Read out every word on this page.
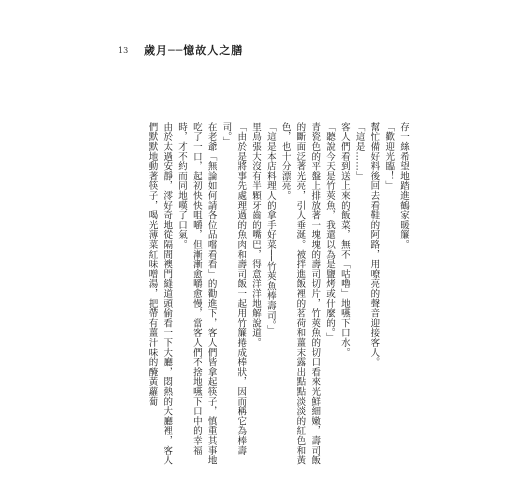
13 歲月──憶故人之膳

存一絲希望地踏進鶴家暖簾。

「歡迎光臨！」

幫忙備好料後回去看鞋的阿路，用嘹亮的聲音迎接客人。

「這是……」

客人們看到送上來的飯菜，無不「咕嚕」地嚥下口水。

「聽說今天是竹莢魚，我還以為是鹽烤或什麼的。」

青瓷色的平盤上排放著一塊塊的壽司切片，竹莢魚的切口看來光鮮細嫩，壽司飯的斷面泛著光亮，引人垂涎。被拌進飯裡的茗荷和薑末露出點點淡淡的紅色和黃色，也十分漂亮。

「這是本店料理人的拿手好菜──竹莢魚棒壽司。」

里鳥張大沒有半顆牙齒的嘴巴，得意洋洋地解說道。

「由於是將事先處理過的魚肉和壽司飯一起用竹簾捲成棒狀，因而稱它為棒壽司。」

在老爺「無論如何請各位品嚐看看」的勸進下，客人們皆拿起筷子，慎重其事地吃了一口，起初快快咀嚼，但漸漸愈嚼愈慢，當客人們不捨地嚥下口中的幸福時，才不約而同地嘆了口氣。

由於太過安靜，澪好奇地從隔間襖門縫道頭偷看一下大廳，悶熱的大廳裡，客人們默默地動著筷子，喝光薄菜紅味噌湯，把帶有薑汁味的醃黃蘿蔔
